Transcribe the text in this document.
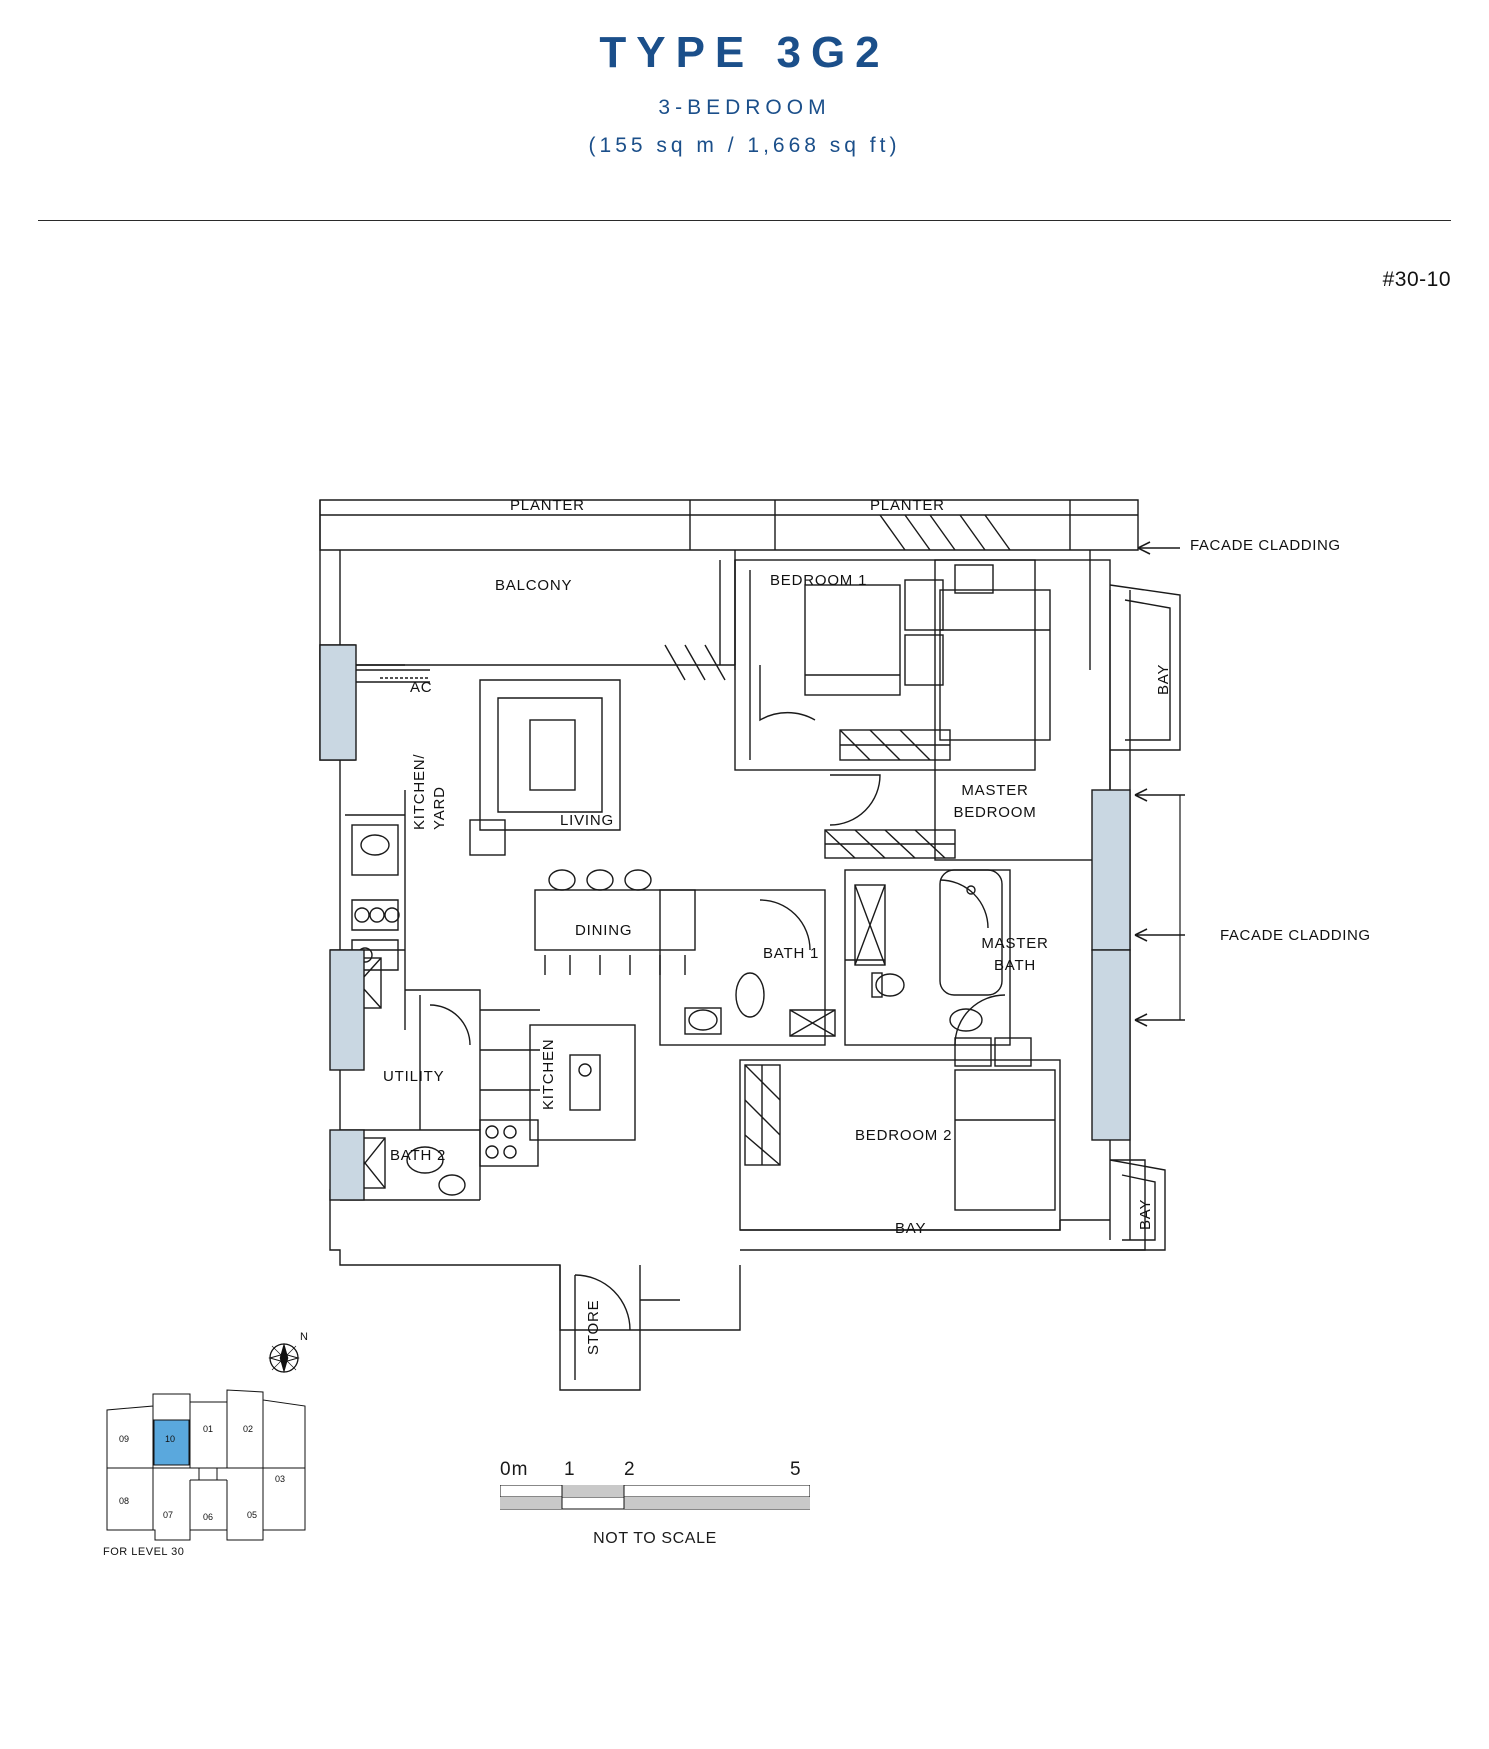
TYPE 3G2
3-BEDROOM
(155 sq m / 1,668 sq ft)
#30-10
PLANTER	PLANTER
BALCONY	BEDROOM 1
AC
LIVING
DINING
MASTER
BEDROOM
BATH 1
MASTER
BATH
UTILITY
BATH 2
BEDROOM 2
BAY
KITCHEN/ YARD
KITCHEN
STORE
BAY
BAY
FACADE CLADDING
FACADE CLADDING
N
09	10
01	02
03
08
07	06	05
FOR LEVEL 30
0m 1	2	5
NOT TO SCALE
